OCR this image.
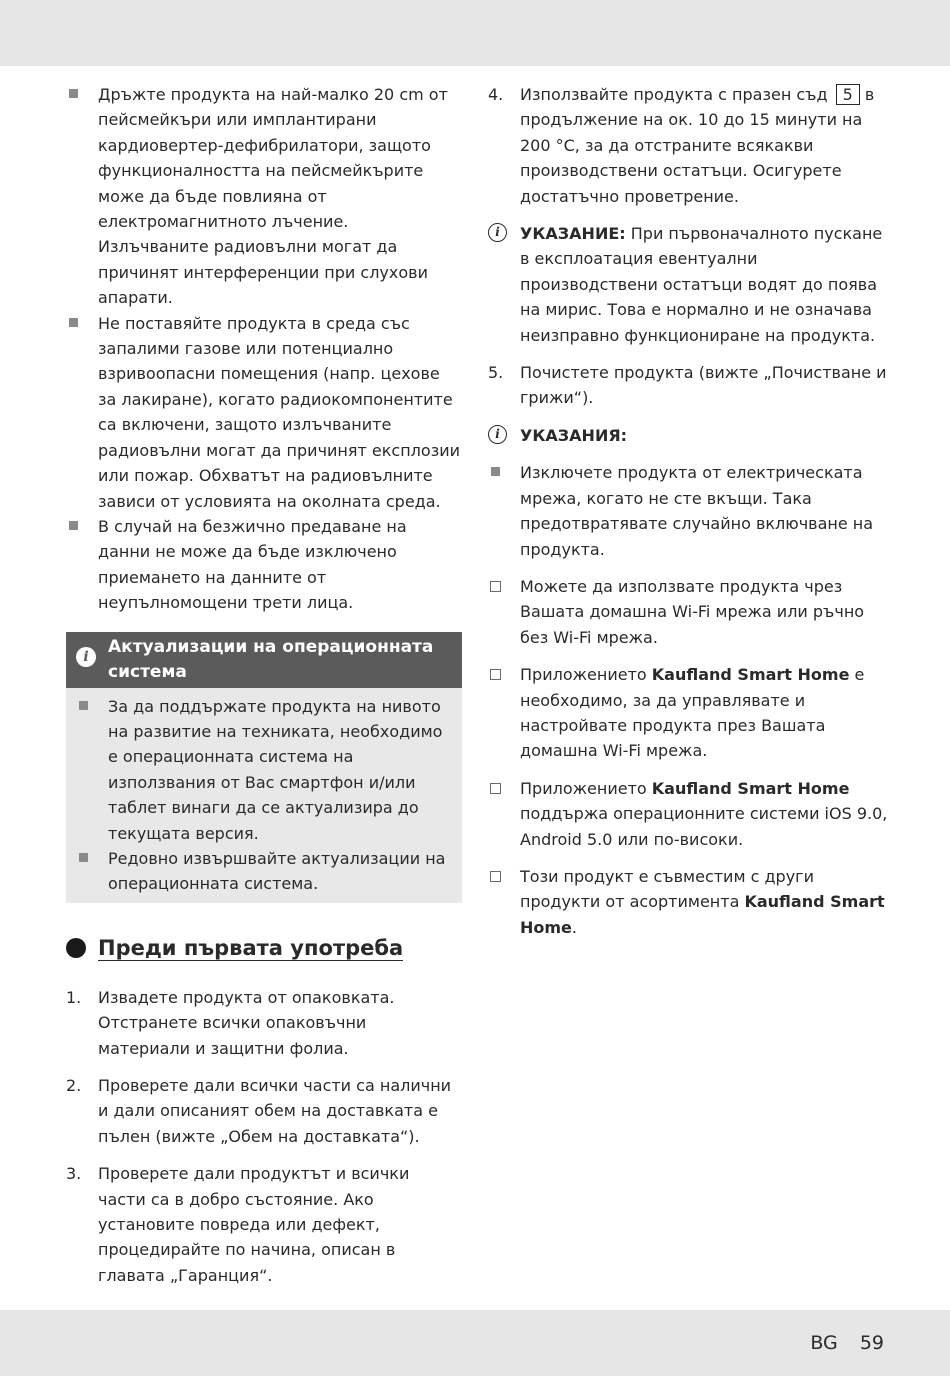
Дръжте продукта на най-малко 20 cm от пейсмейкъри или имплантирани кардиовертер-дефибрилатори, защото функционалността на пейсмейкърите може да бъде повлияна от електромагнитното лъчение. Излъчваните радиовълни могат да причинят интерференции при слухови апарати.
Не поставяйте продукта в среда със запалими газове или потенциално взривоопасни помещения (напр. цехове за лакиране), когато радиокомпонентите са включени, защото излъчваните радиовълни могат да причинят експлозии или пожар. Обхватът на радиовълните зависи от условията на околната среда.
В случай на безжично предаване на данни не може да бъде изключено приемането на данните от неупълномощени трети лица.
i	Актуализации на операционната система
За да поддържате продукта на нивото на развитие на техниката, необходимо е операционната система на използвания от Вас смартфон и/или таблет винаги да се актуализира до текущата версия.
Редовно извършвайте актуализации на операционната система.
Преди първата употреба
1. Извадете продукта от опаковката. Отстранете всички опаковъчни материали и защитни фолиа.
2. Проверете дали всички части са налични и дали описаният обем на доставката е пълен (вижте „Обем на доставката“).
3. Проверете дали продуктът и всички части са в добро състояние. Ако установите повреда или дефект, процедирайте по начина, описан в главата „Гаранция“.
4. Използвайте продукта с празен съд 5 в продължение на ок. 10 до 15 минути на 200 °C, за да отстраните всякакви производствени остатъци. Осигурете достатъчно проветрение.
i	УКАЗАНИЕ: При първоначалното пускане в експлоатация евентуални производствени остатъци водят до поява на мирис. Това е нормално и не означава неизправно функциониране на продукта.
5. Почистете продукта (вижте „Почистване и грижи“).
i	УКАЗАНИЯ:
Изключете продукта от електрическата мрежа, когато не сте вкъщи. Така предотвратявате случайно включване на продукта.
Можете да използвате продукта чрез Вашата домашна Wi-Fi мрежа или ръчно без Wi-Fi мрежа.
Приложението Kaufland Smart Home е необходимо, за да управлявате и настройвате продукта през Вашата домашна Wi-Fi мрежа.
Приложението Kaufland Smart Home поддържа операционните системи iOS 9.0, Android 5.0 или по-високи.
Този продукт е съвместим с други продукти от асортимента Kaufland Smart Home.
BG 59
